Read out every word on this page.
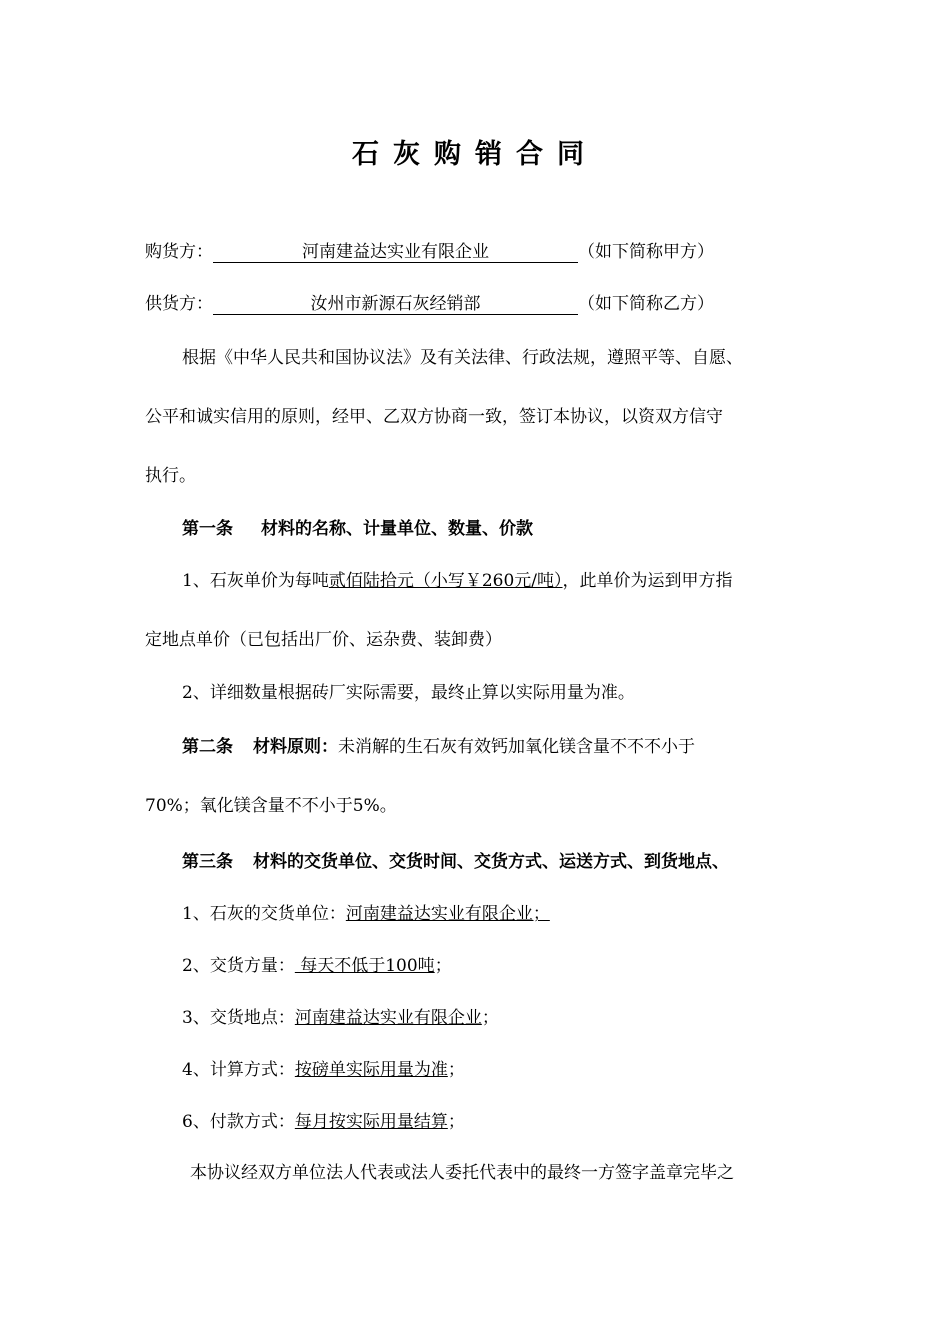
石灰购销合同
购货方：	河南建益达实业有限企业	（如下简称甲方）
供货方：	汝州市新源石灰经销部	（如下简称乙方）
根据《中华人民共和国协议法》及有关法律、行政法规，遵照平等、自愿、
公平和诚实信用的原则，经甲、乙双方协商一致，签订本协议，以资双方信守
执行。
第一条 材料的名称、计量单位、数量、价款
1、石灰单价为每吨贰佰陆拾元（小写￥260元/吨），此单价为运到甲方指
定地点单价（已包括出厂价、运杂费、装卸费）
2、详细数量根据砖厂实际需要，最终止算以实际用量为准。
第二条 材料原则：未消解的生石灰有效钙加氧化镁含量不不不小于
70%；氧化镁含量不不小于5%。
第三条 材料的交货单位、交货时间、交货方式、运送方式、到货地点、
1、石灰的交货单位：河南建益达实业有限企业；
2、交货方量： 每天不低于100吨；
3、交货地点：河南建益达实业有限企业；
4、计算方式：按磅单实际用量为准；
6、付款方式：每月按实际用量结算；
本协议经双方单位法人代表或法人委托代表中的最终一方签字盖章完毕之
